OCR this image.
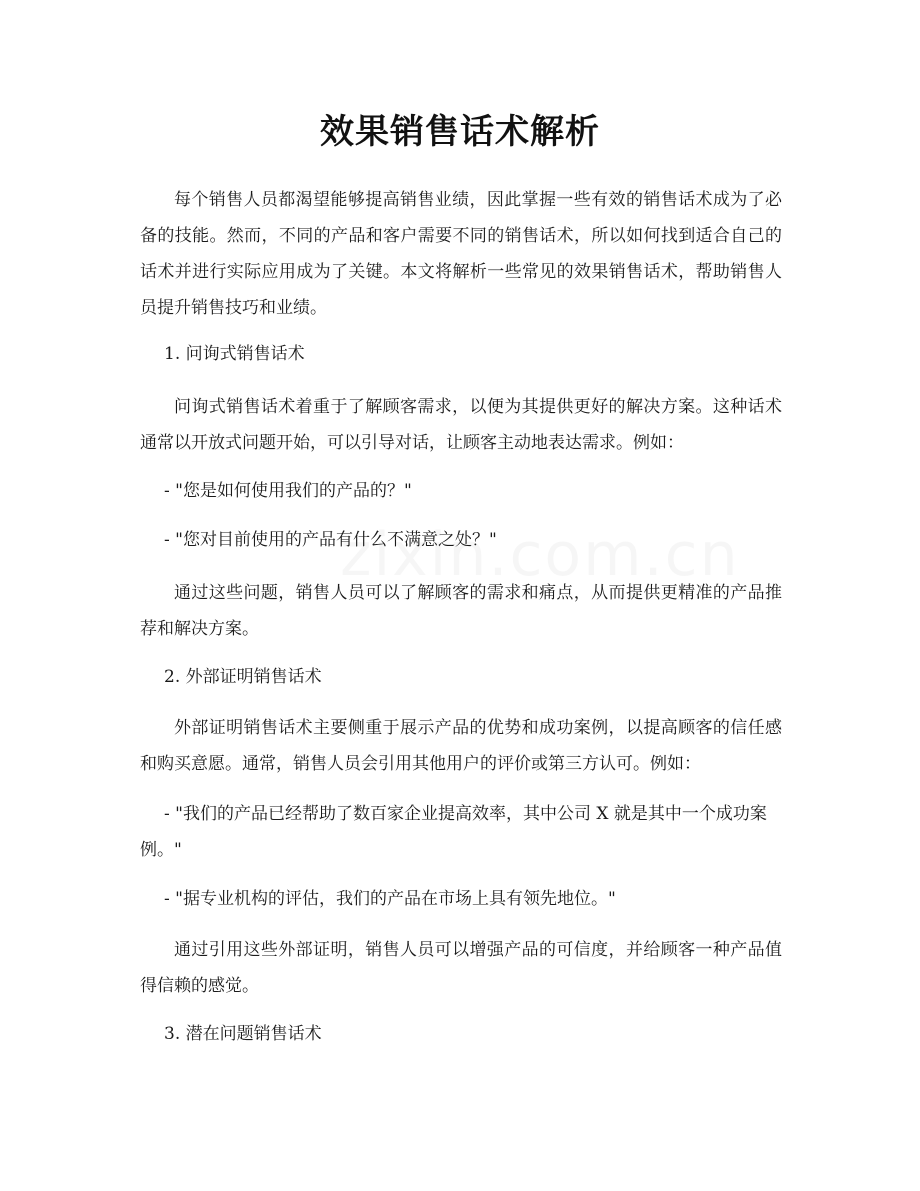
效果销售话术解析
每个销售人员都渴望能够提高销售业绩，因此掌握一些有效的销售话术成为了必备的技能。然而，不同的产品和客户需要不同的销售话术，所以如何找到适合自己的话术并进行实际应用成为了关键。本文将解析一些常见的效果销售话术，帮助销售人员提升销售技巧和业绩。
1. 问询式销售话术
问询式销售话术着重于了解顾客需求，以便为其提供更好的解决方案。这种话术通常以开放式问题开始，可以引导对话，让顾客主动地表达需求。例如：
- "您是如何使用我们的产品的？"
- "您对目前使用的产品有什么不满意之处？"
通过这些问题，销售人员可以了解顾客的需求和痛点，从而提供更精准的产品推荐和解决方案。
2. 外部证明销售话术
外部证明销售话术主要侧重于展示产品的优势和成功案例，以提高顾客的信任感和购买意愿。通常，销售人员会引用其他用户的评价或第三方认可。例如：
- "我们的产品已经帮助了数百家企业提高效率，其中公司 X 就是其中一个成功案例。"
- "据专业机构的评估，我们的产品在市场上具有领先地位。"
通过引用这些外部证明，销售人员可以增强产品的可信度，并给顾客一种产品值得信赖的感觉。
3. 潜在问题销售话术
